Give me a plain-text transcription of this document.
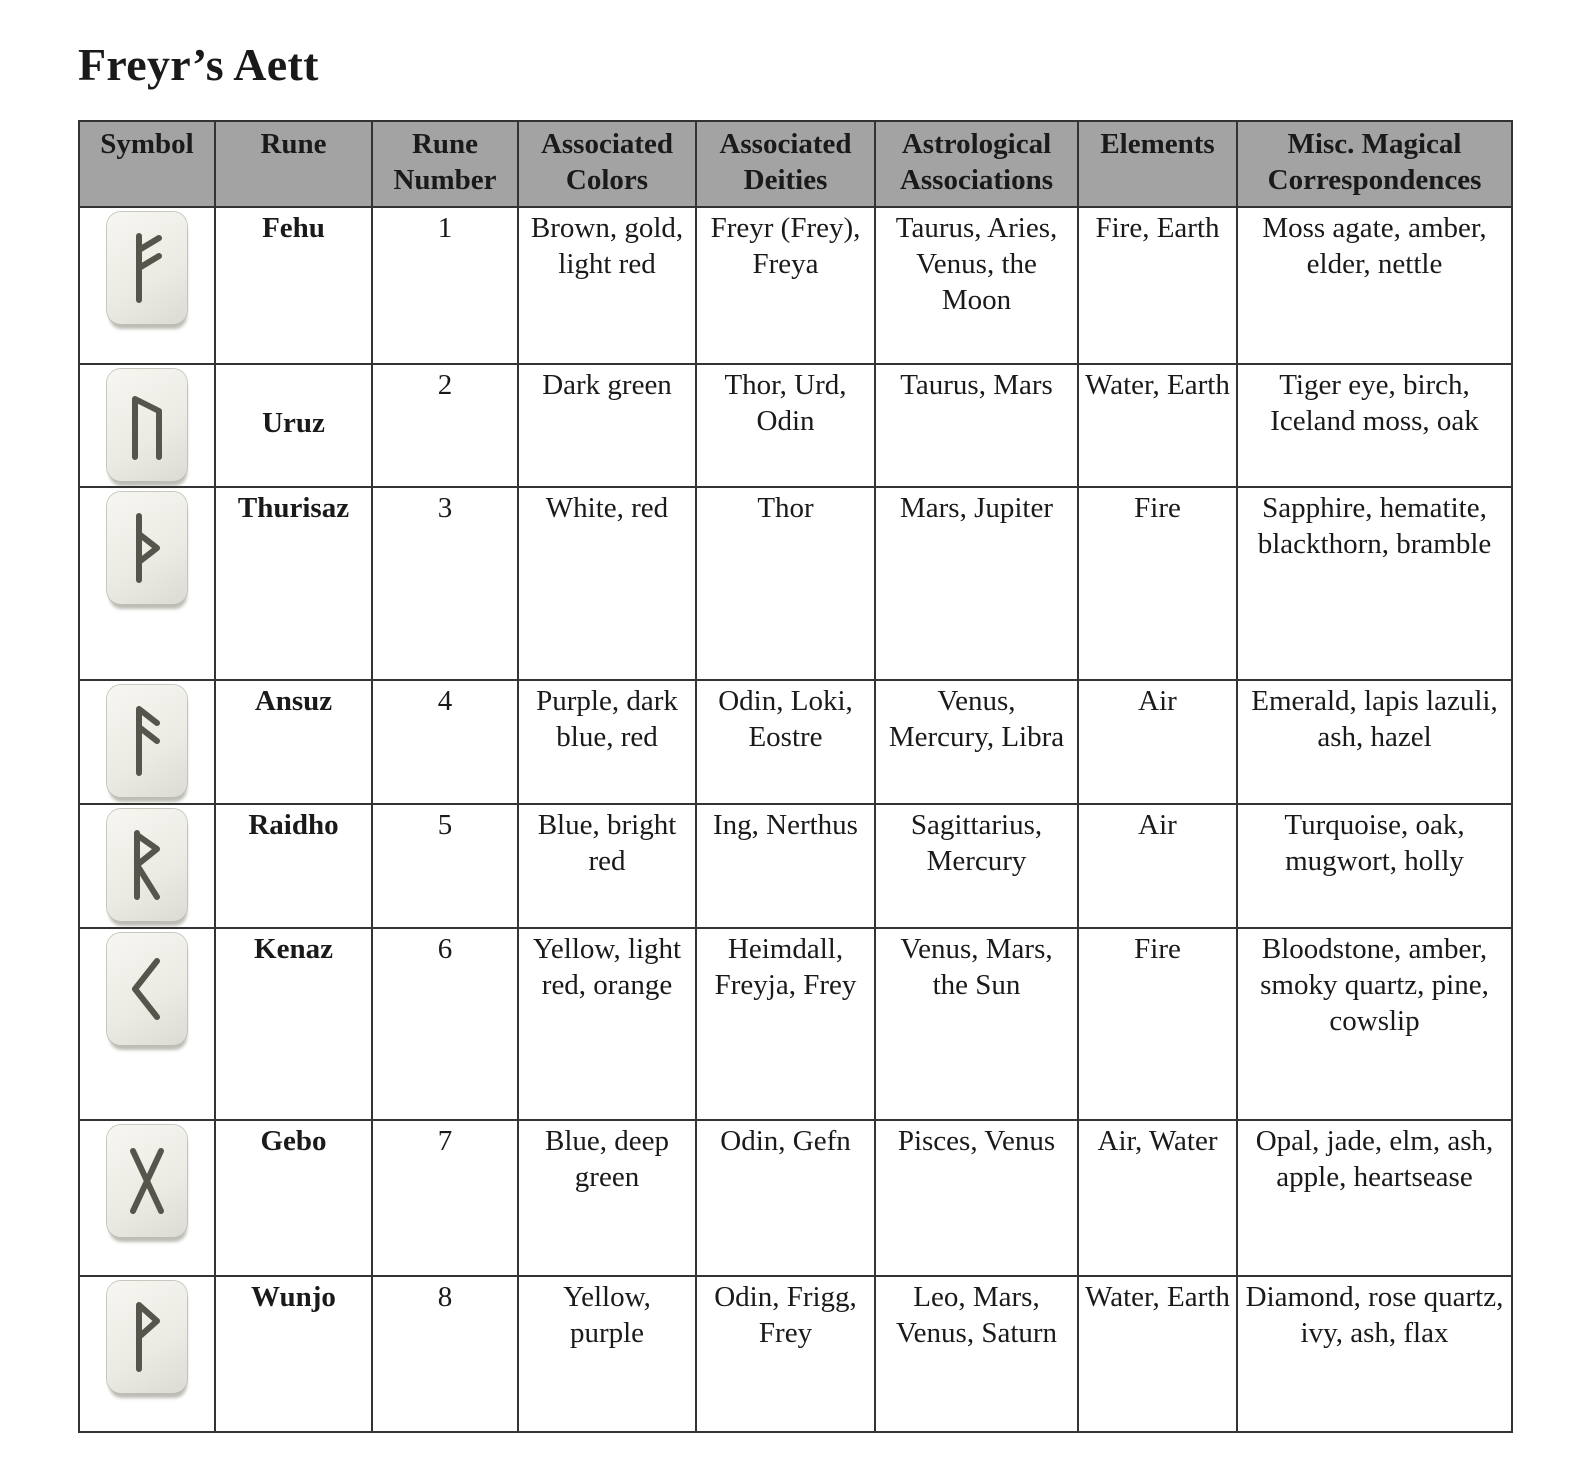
Freyr’s Aett
Symbol	Rune	Rune Number	Associated Colors	Associated Deities	Astrological Associations	Elements	Misc. Magical Correspondences

	Fehu	1	Brown, gold, light red	Freyr (Frey), Freya	Taurus, Aries, Venus, the Moon	Fire, Earth	Moss agate, amber, elder, nettle

	Uruz	2	Dark green	Thor, Urd, Odin	Taurus, Mars	Water, Earth	Tiger eye, birch, Iceland moss, oak

	Thurisaz	3	White, red	Thor	Mars, Jupiter	Fire	Sapphire, hematite, blackthorn, bramble

	Ansuz	4	Purple, dark blue, red	Odin, Loki, Eostre	Venus, Mercury, Libra	Air	Emerald, lapis lazuli, ash, hazel

	Raidho	5	Blue, bright red	Ing, Nerthus	Sagittarius, Mercury	Air	Turquoise, oak, mugwort, holly

	Kenaz	6	Yellow, light red, orange	Heimdall, Freyja, Frey	Venus, Mars, the Sun	Fire	Bloodstone, amber, smoky quartz, pine, cowslip

	Gebo	7	Blue, deep green	Odin, Gefn	Pisces, Venus	Air, Water	Opal, jade, elm, ash, apple, heartsease

	Wunjo	8	Yellow, purple	Odin, Frigg, Frey	Leo, Mars, Venus, Saturn	Water, Earth	Diamond, rose quartz, ivy, ash, flax
